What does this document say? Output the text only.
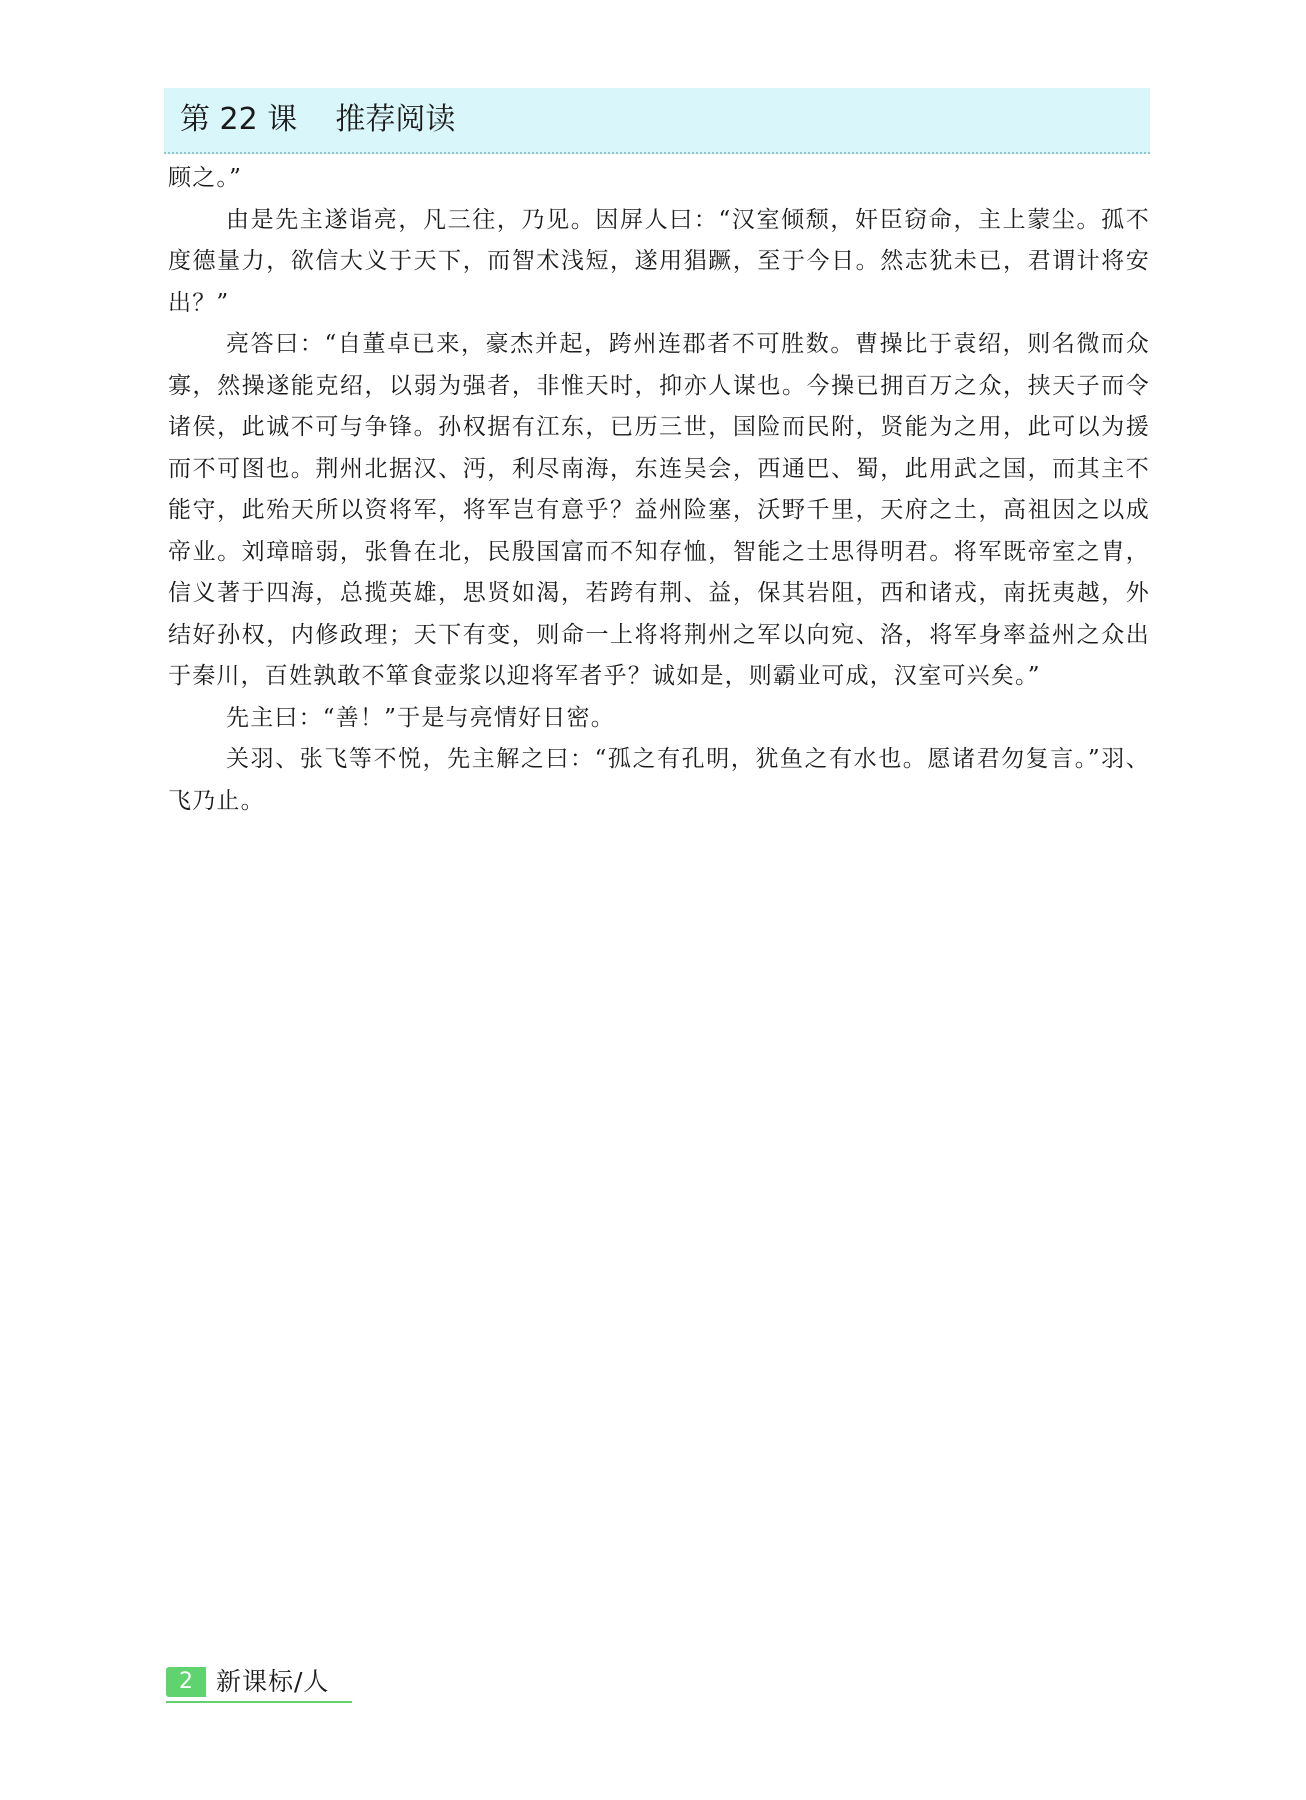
第 22 课    推荐阅读

顾之。”

由是先主遂诣亮，凡三往，乃见。因屏人曰：“汉室倾颓，奸臣窃命，主上蒙尘。孤不度德量力，欲信大义于天下，而智术浅短，遂用猖蹶，至于今日。然志犹未已，君谓计将安出？”

亮答曰：“自董卓已来，豪杰并起，跨州连郡者不可胜数。曹操比于袁绍，则名微而众寡，然操遂能克绍，以弱为强者，非惟天时，抑亦人谋也。今操已拥百万之众，挟天子而令诸侯，此诚不可与争锋。孙权据有江东，已历三世，国险而民附，贤能为之用，此可以为援而不可图也。荆州北据汉、沔，利尽南海，东连吴会，西通巴、蜀，此用武之国，而其主不能守，此殆天所以资将军，将军岂有意乎？益州险塞，沃野千里，天府之土，高祖因之以成帝业。刘璋暗弱，张鲁在北，民殷国富而不知存恤，智能之士思得明君。将军既帝室之胄，信义著于四海，总揽英雄，思贤如渴，若跨有荆、益，保其岩阻，西和诸戎，南抚夷越，外结好孙权，内修政理；天下有变，则命一上将将荆州之军以向宛、洛，将军身率益州之众出于秦川，百姓孰敢不箪食壶浆以迎将军者乎？诚如是，则霸业可成，汉室可兴矣。”

先主曰：“善！”于是与亮情好日密。

关羽、张飞等不悦，先主解之曰：“孤之有孔明，犹鱼之有水也。愿诸君勿复言。”羽、飞乃止。

2 新课标/人
